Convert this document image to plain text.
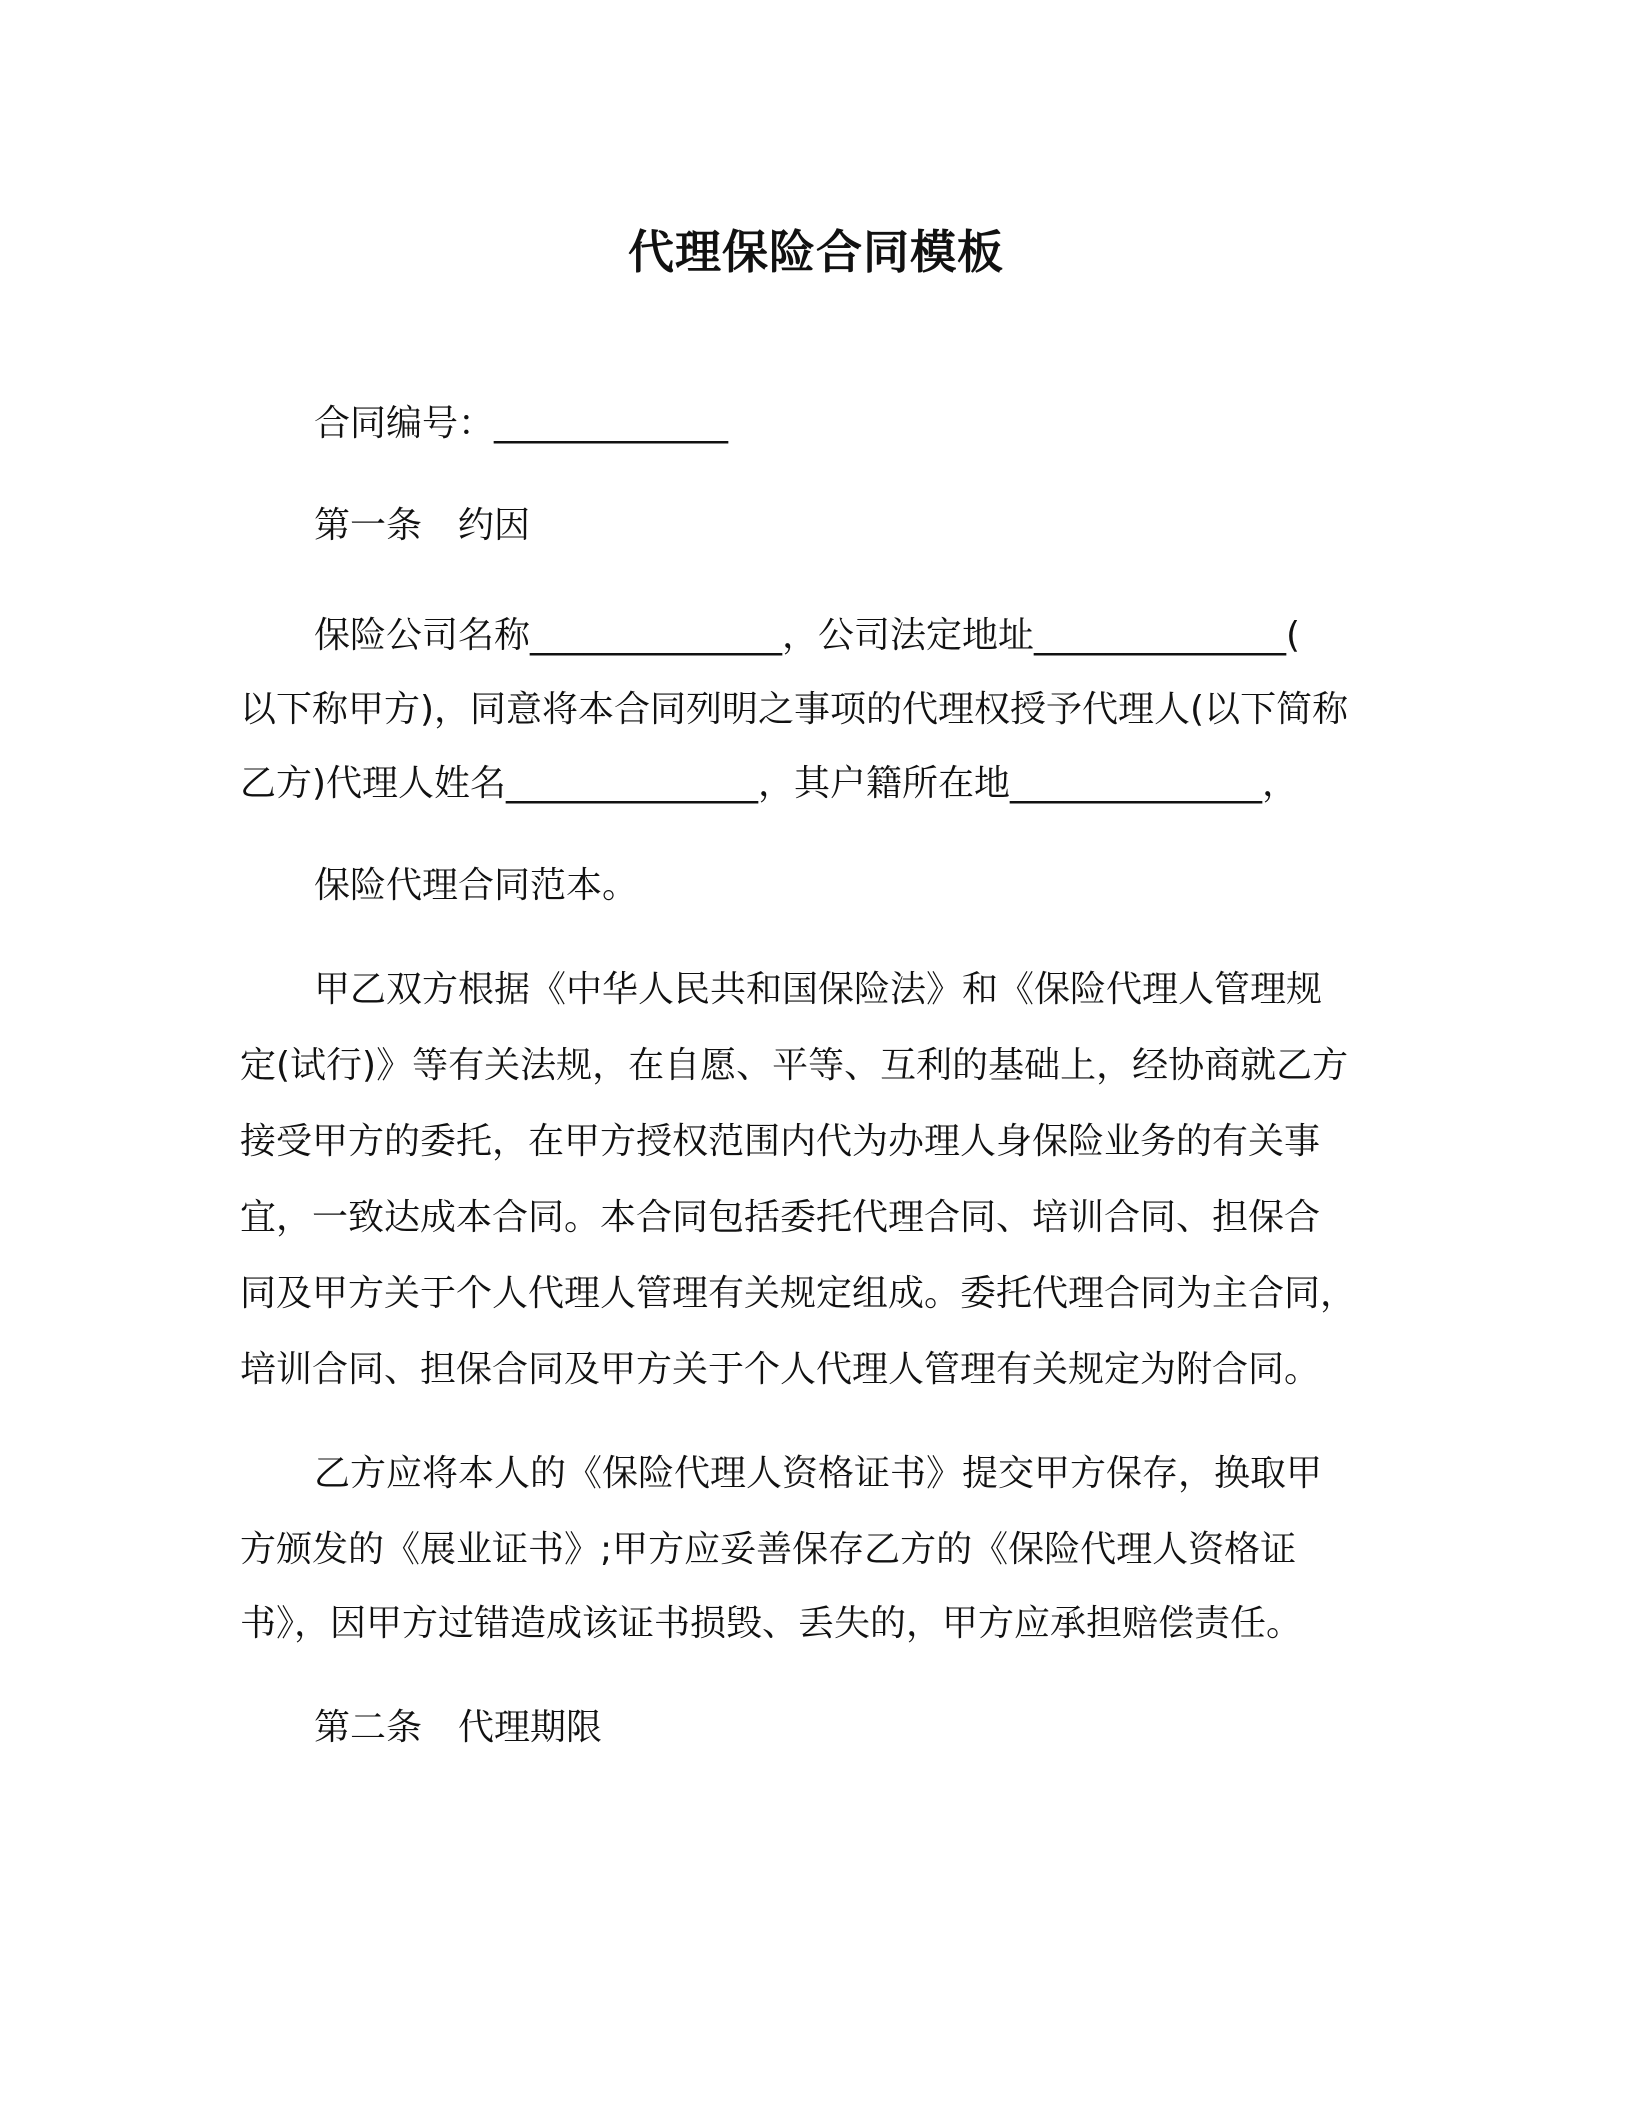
代理保险合同模板

合同编号：_____________

第一条　约因

保险公司名称______________，公司法定地址______________(

以下称甲方)，同意将本合同列明之事项的代理权授予代理人(以下简称

乙方)代理人姓名______________，其户籍所在地______________，

保险代理合同范本。

甲乙双方根据《中华人民共和国保险法》和《保险代理人管理规

定(试行)》等有关法规，在自愿、平等、互利的基础上，经协商就乙方

接受甲方的委托，在甲方授权范围内代为办理人身保险业务的有关事

宜，一致达成本合同。本合同包括委托代理合同、培训合同、担保合

同及甲方关于个人代理人管理有关规定组成。委托代理合同为主合同，

培训合同、担保合同及甲方关于个人代理人管理有关规定为附合同。

乙方应将本人的《保险代理人资格证书》提交甲方保存，换取甲

方颁发的《展业证书》;甲方应妥善保存乙方的《保险代理人资格证

书》，因甲方过错造成该证书损毁、丢失的，甲方应承担赔偿责任。

第二条　代理期限
